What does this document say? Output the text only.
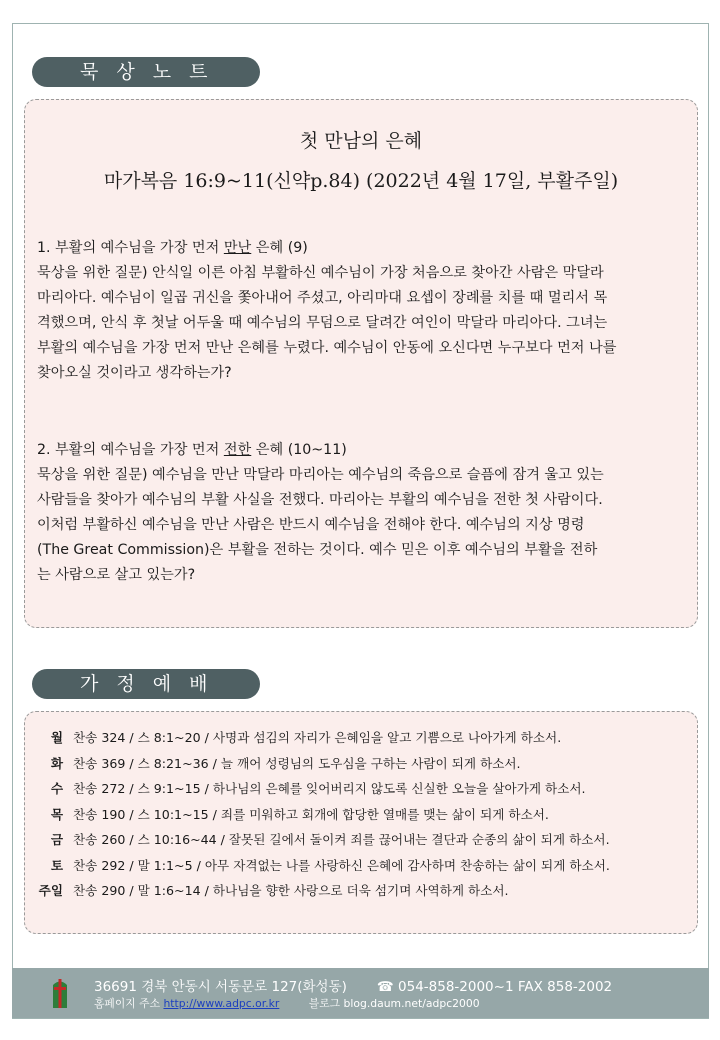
묵 상 노 트
첫 만남의 은혜
마가복음 16:9~11(신약p.84) (2022년 4월 17일, 부활주일)
1. 부활의 예수님을 가장 먼저 만난 은혜 (9)
묵상을 위한 질문) 안식일 이른 아침 부활하신 예수님이 가장 처음으로 찾아간 사람은 막달라
마리아다. 예수님이 일곱 귀신을 쫓아내어 주셨고, 아리마대 요셉이 장례를 치를 때 멀리서 목
격했으며, 안식 후 첫날 어두울 때 예수님의 무덤으로 달려간 여인이 막달라 마리아다. 그녀는
부활의 예수님을 가장 먼저 만난 은혜를 누렸다. 예수님이 안동에 오신다면 누구보다 먼저 나를
찾아오실 것이라고 생각하는가?
2. 부활의 예수님을 가장 먼저 전한 은혜 (10~11)
묵상을 위한 질문) 예수님을 만난 막달라 마리아는 예수님의 죽음으로 슬픔에 잠겨 울고 있는
사람들을 찾아가 예수님의 부활 사실을 전했다. 마리아는 부활의 예수님을 전한 첫 사람이다.
이처럼 부활하신 예수님을 만난 사람은 반드시 예수님을 전해야 한다. 예수님의 지상 명령
(The Great Commission)은 부활을 전하는 것이다. 예수 믿은 이후 예수님의 부활을 전하
는 사람으로 살고 있는가?
가 정 예 배
월 찬송 324 / 스 8:1~20 / 사명과 섬김의 자리가 은혜임을 알고 기쁨으로 나아가게 하소서.
화 찬송 369 / 스 8:21~36 / 늘 깨어 성령님의 도우심을 구하는 사람이 되게 하소서.
수 찬송 272 / 스 9:1~15 / 하나님의 은혜를 잊어버리지 않도록 신실한 오늘을 살아가게 하소서.
목 찬송 190 / 스 10:1~15 / 죄를 미워하고 회개에 합당한 열매를 맺는 삶이 되게 하소서.
금 찬송 260 / 스 10:16~44 / 잘못된 길에서 돌이켜 죄를 끊어내는 결단과 순종의 삶이 되게 하소서.
토 찬송 292 / 말 1:1~5 / 아무 자격없는 나를 사랑하신 은혜에 감사하며 찬송하는 삶이 되게 하소서.
주일 찬송 290 / 말 1:6~14 / 하나님을 향한 사랑으로 더욱 섬기며 사역하게 하소서.
36691 경북 안동시 서동문로 127(화성동) ☎ 054-858-2000~1 FAX 858-2002
홈페이지 주소 http://www.adpc.or.kr	블로그 blog.daum.net/adpc2000
